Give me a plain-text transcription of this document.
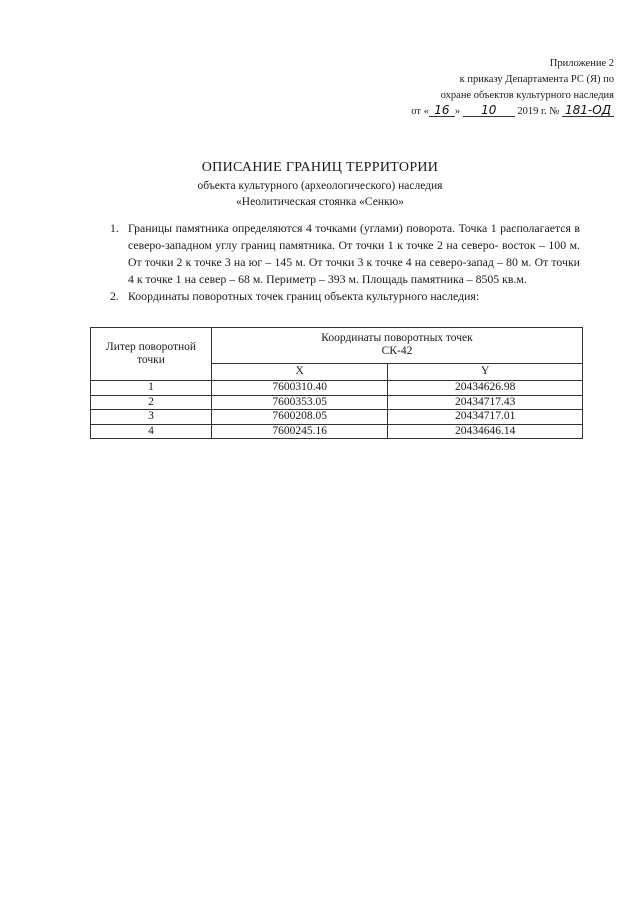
Приложение 2
к приказу Департамента РС (Я) по
охране объектов культурного наследия
от « 16 » 10 2019 г. № 181-ОД
ОПИСАНИЕ ГРАНИЦ ТЕРРИТОРИИ
объекта культурного (археологического) наследия
«Неолитическая стоянка «Сенкю»
1. Границы памятника определяются 4 точками (углами) поворота. Точка 1 располагается в северо-западном углу границ памятника. От точки 1 к точке 2 на северо- восток – 100 м. От точки 2 к точке 3 на юг – 145 м. От точки 3 к точке 4 на северо-запад – 80 м. От точки 4 к точке 1 на север – 68 м. Периметр – 393 м. Площадь памятника – 8505 кв.м.
2. Координаты поворотных точек границ объекта культурного наследия:
Литер поворотной точки	Координаты поворотных точек
СК-42	

	X	Y
1	7600310.40	20434626.98
2	7600353.05	20434717.43
3	7600208.05	20434717.01
4	7600245.16	20434646.14
